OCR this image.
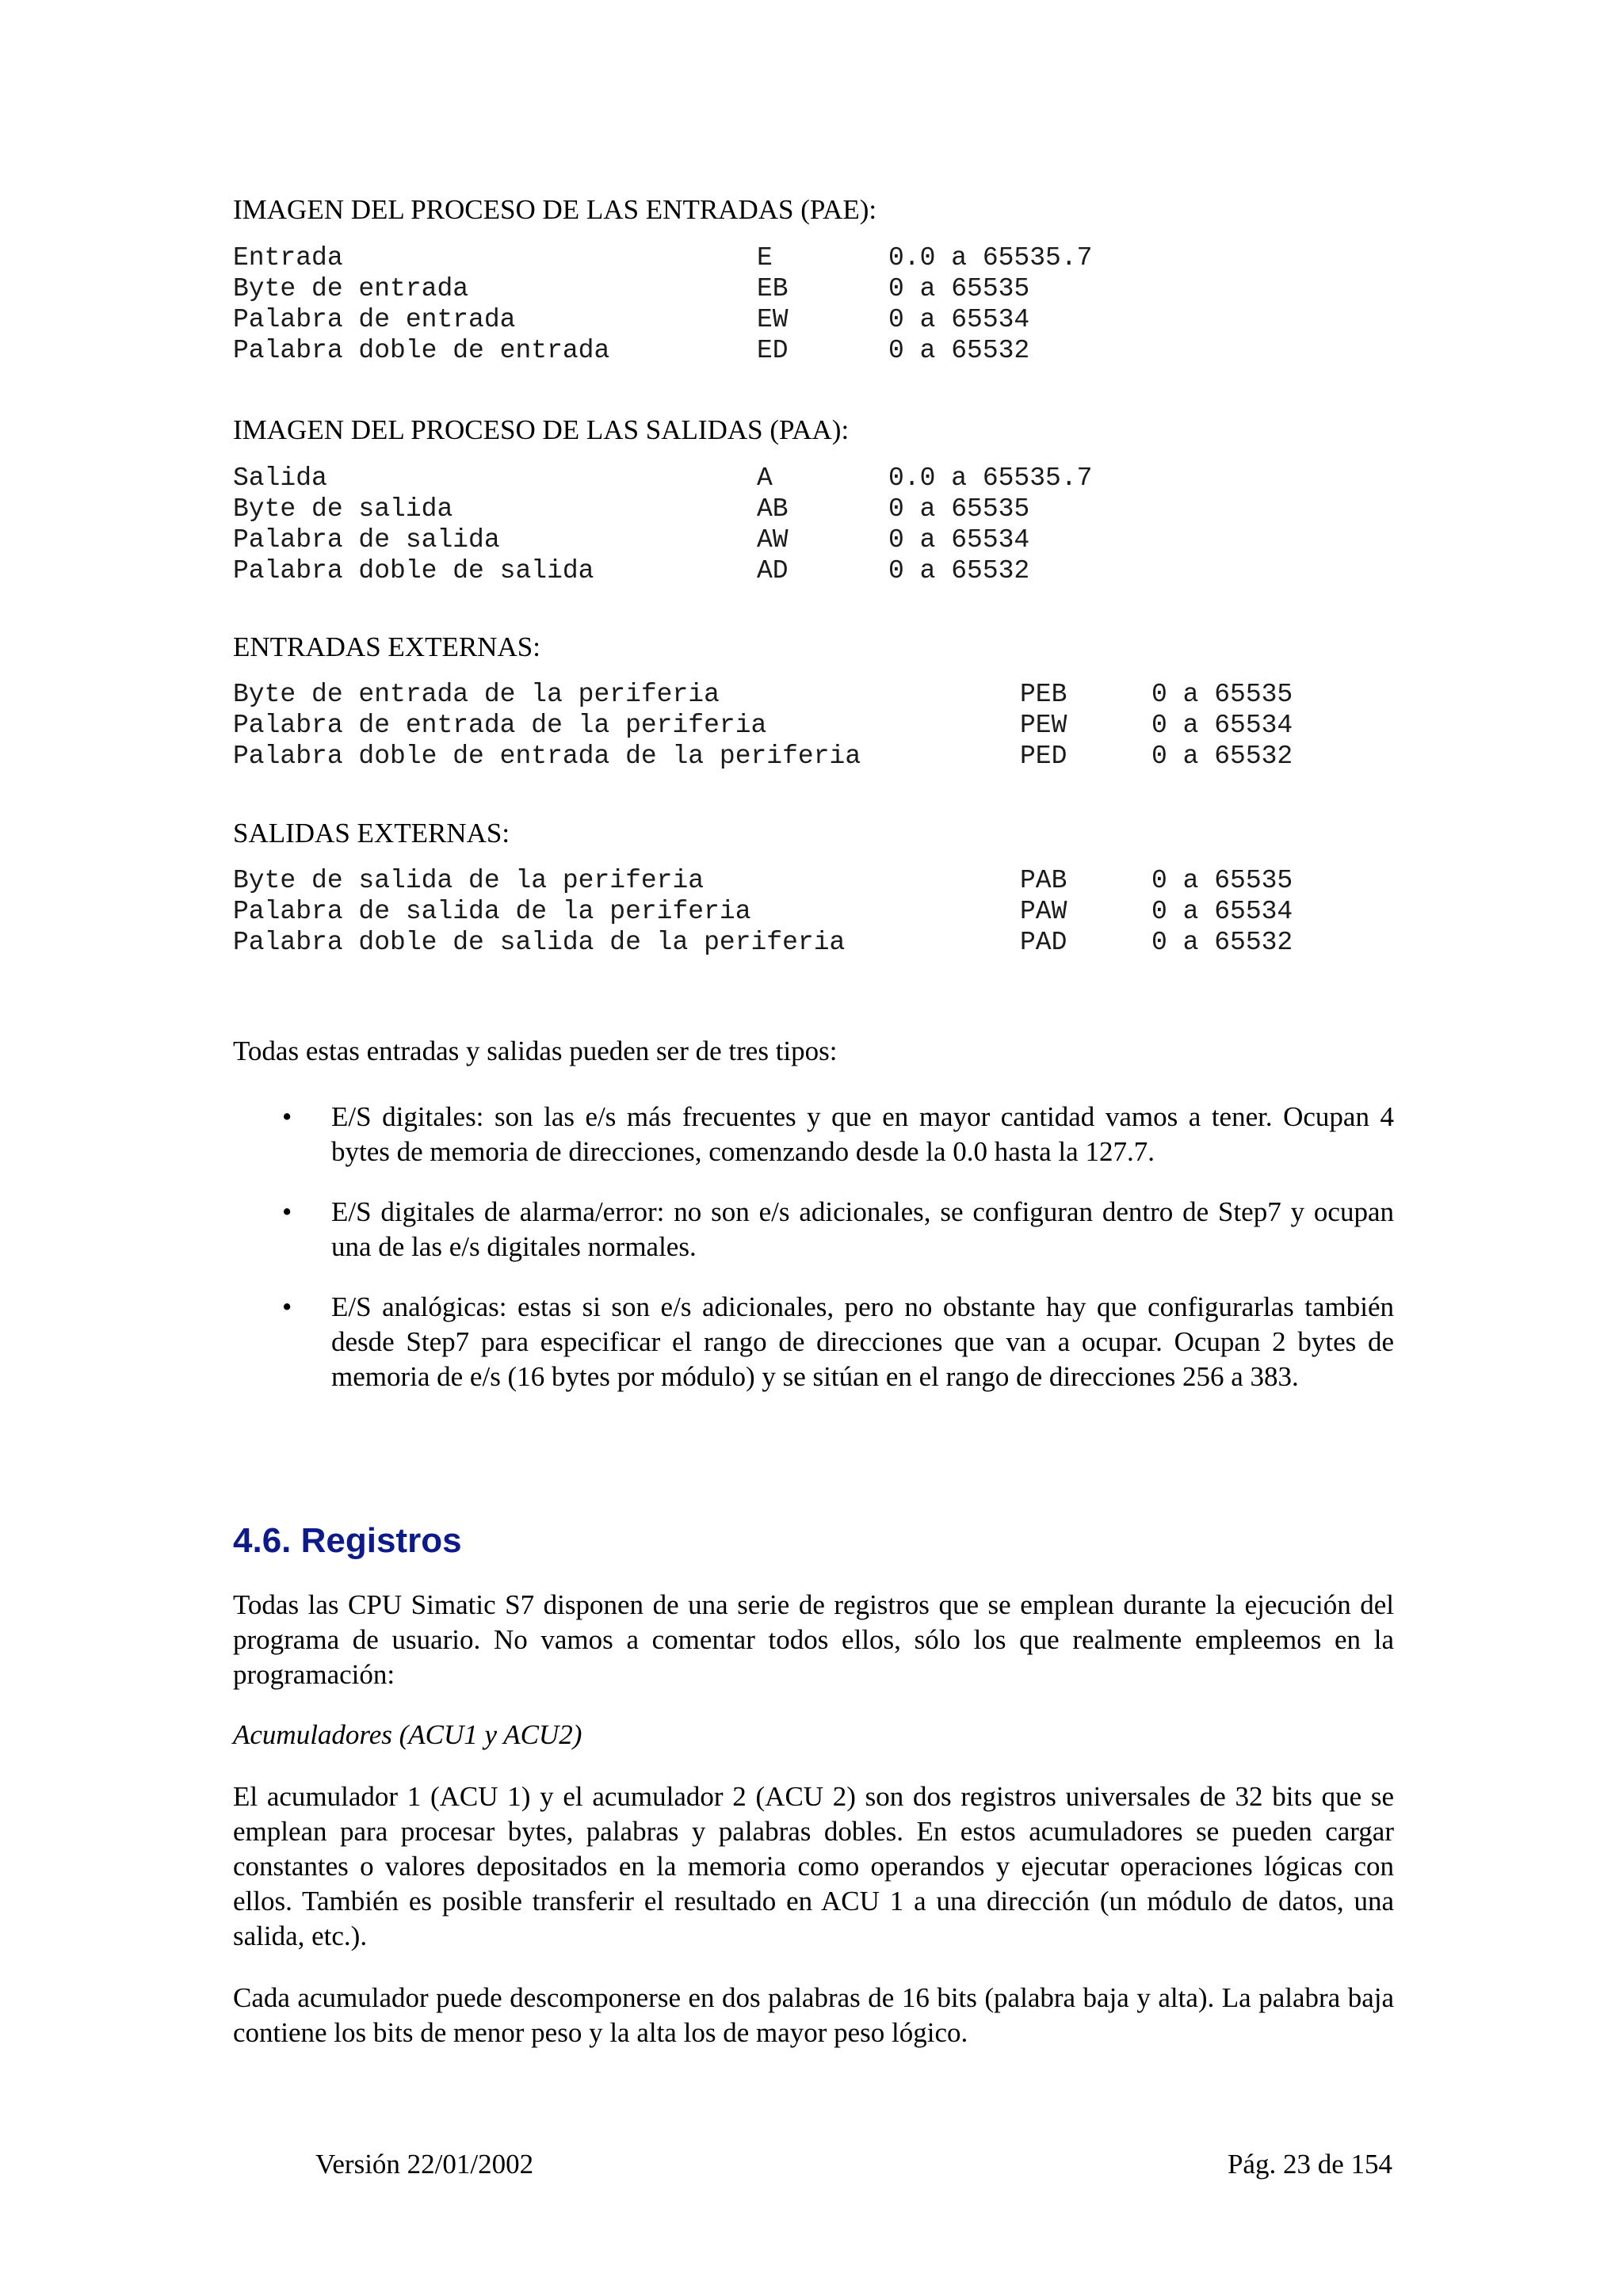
IMAGEN DEL PROCESO DE LAS ENTRADAS (PAE):
Entrada	E	0.0 a 65535.7
Byte de entrada	EB	0 a 65535
Palabra de entrada	EW	0 a 65534
Palabra doble de entrada	ED	0 a 65532
IMAGEN DEL PROCESO DE LAS SALIDAS (PAA):
Salida	A	0.0 a 65535.7
Byte de salida	AB	0 a 65535
Palabra de salida	AW	0 a 65534
Palabra doble de salida	AD	0 a 65532
ENTRADAS EXTERNAS:
Byte de entrada de la periferia	PEB	0 a 65535
Palabra de entrada de la periferia	PEW	0 a 65534
Palabra doble de entrada de la periferia	PED	0 a 65532
SALIDAS EXTERNAS:
Byte de salida de la periferia	PAB	0 a 65535
Palabra de salida de la periferia	PAW	0 a 65534
Palabra doble de salida de la periferia	PAD	0 a 65532

Todas estas entradas y salidas pueden ser de tres tipos:

• E/S digitales: son las e/s más frecuentes y que en mayor cantidad vamos a tener. Ocupan 4 bytes de memoria de direcciones, comenzando desde la 0.0 hasta la 127.7.

• E/S digitales de alarma/error: no son e/s adicionales, se configuran dentro de Step7 y ocupan una de las e/s digitales normales.

• E/S analógicas: estas si son e/s adicionales, pero no obstante hay que configurarlas también desde Step7 para especificar el rango de direcciones que van a ocupar. Ocupan 2 bytes de memoria de e/s (16 bytes por módulo) y se sitúan en el rango de direcciones 256 a 383.

4.6. Registros

Todas las CPU Simatic S7 disponen de una serie de registros que se emplean durante la ejecución del programa de usuario. No vamos a comentar todos ellos, sólo los que realmente empleemos en la programación:

Acumuladores (ACU1 y ACU2)

El acumulador 1 (ACU 1) y el acumulador 2 (ACU 2) son dos registros universales de 32 bits que se emplean para procesar bytes, palabras y palabras dobles. En estos acumuladores se pueden cargar constantes o valores depositados en la memoria como operandos y ejecutar operaciones lógicas con ellos. También es posible transferir el resultado en ACU 1 a una dirección (un módulo de datos, una salida, etc.).

Cada acumulador puede descomponerse en dos palabras de 16 bits (palabra baja y alta). La palabra baja contiene los bits de menor peso y la alta los de mayor peso lógico.

Versión 22/01/2002	Pág. 23 de 154
